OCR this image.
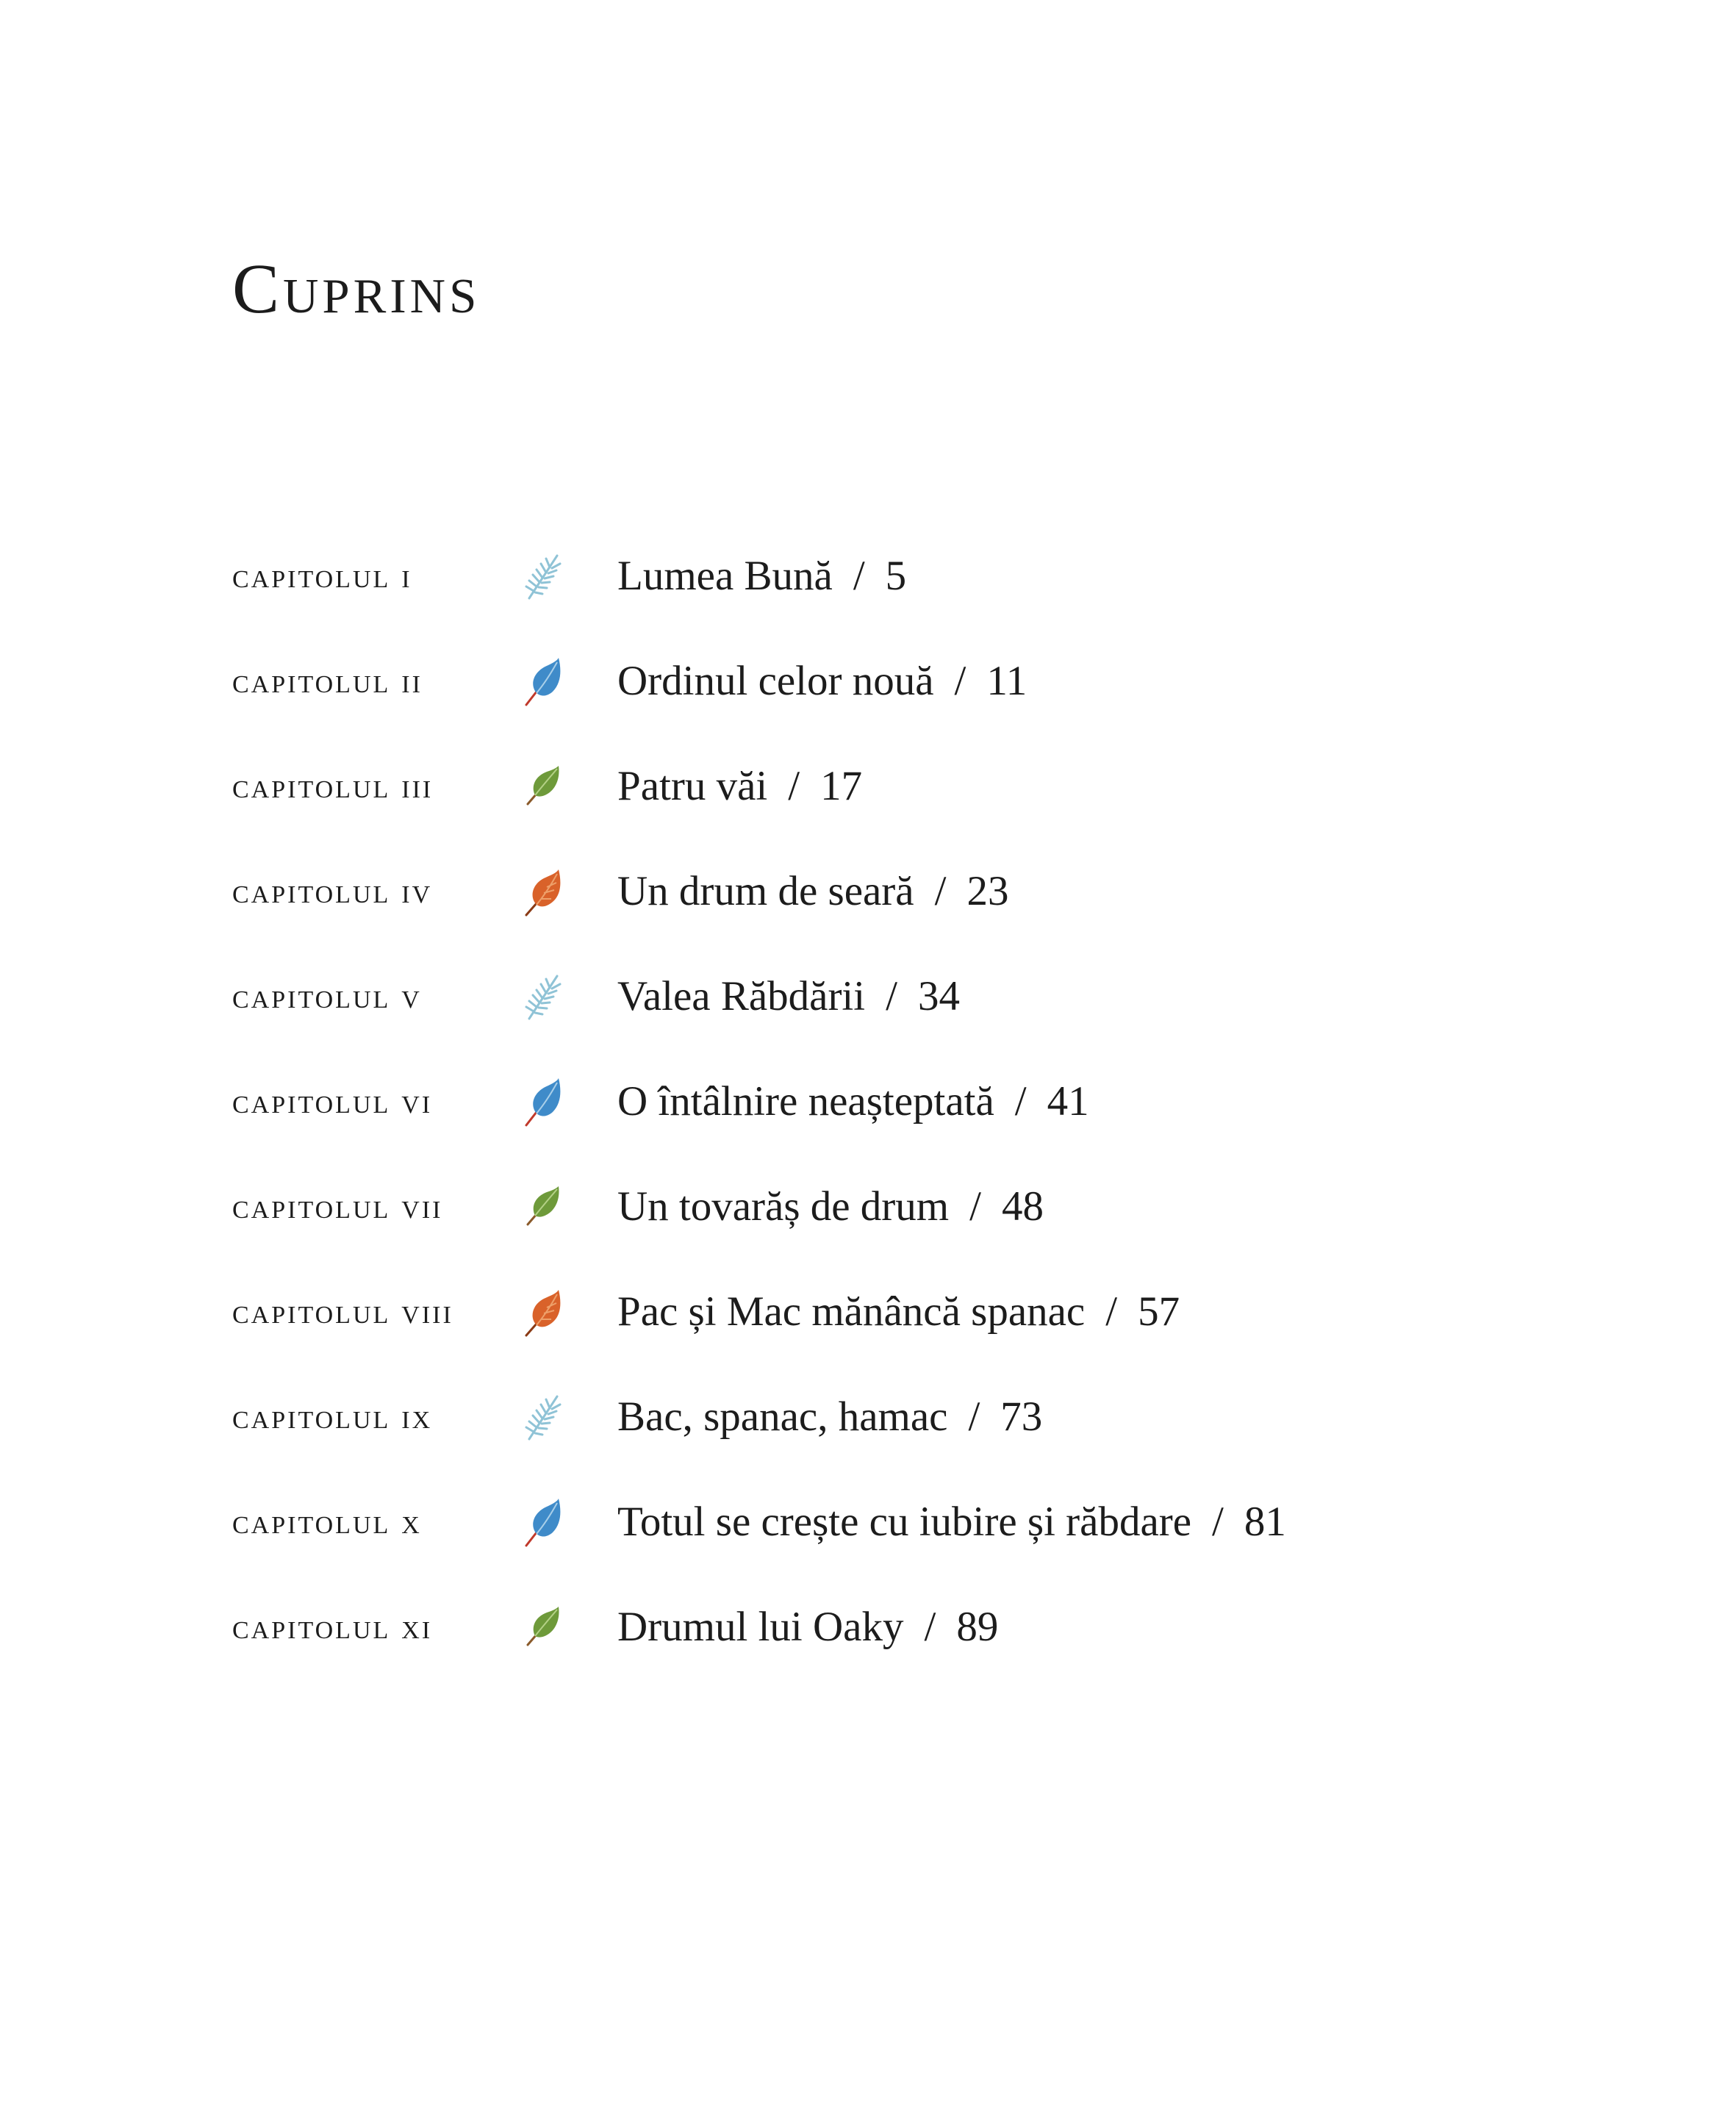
Cuprins
capitolul i	Lumea Bună / 5
capitolul ii	Ordinul celor nouă / 11
capitolul iii	Patru văi / 17
capitolul iv	Un drum de seară / 23
capitolul v	Valea Răbdării / 34
capitolul vi	O întâlnire neașteptată / 41
capitolul vii	Un tovarăș de drum / 48
capitolul viii	Pac și Mac mănâncă spanac / 57
capitolul ix	Bac, spanac, hamac / 73
capitolul x	Totul se crește cu iubire și răbdare / 81
capitolul xi	Drumul lui Oaky / 89
